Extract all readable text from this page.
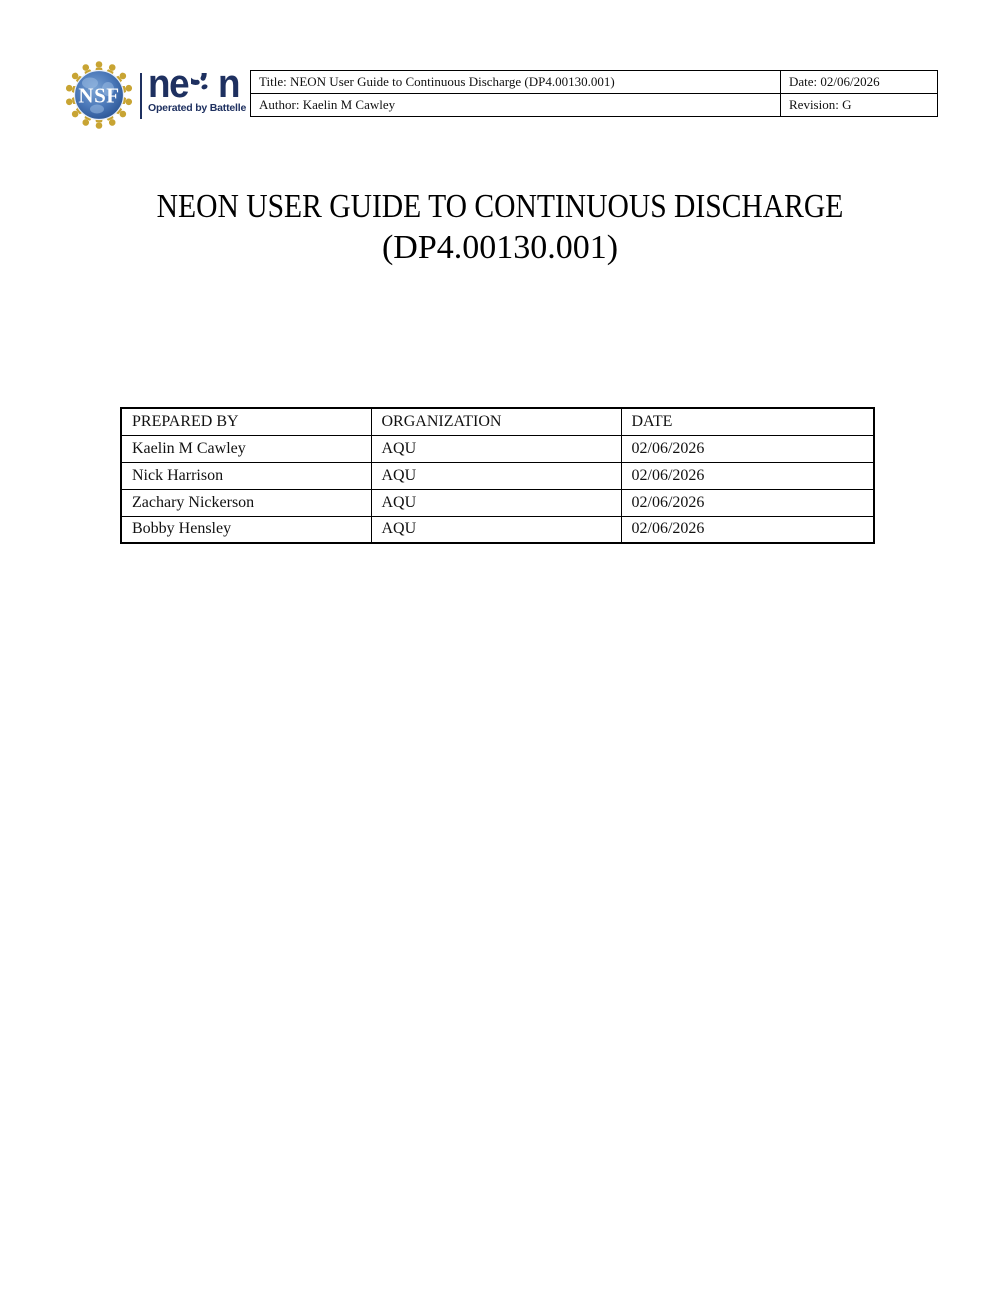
NSF ne n
Operated by Battelle
Title: NEON User Guide to Continuous Discharge (DP4.00130.001)	Date: 02/06/2026
Author: Kaelin M Cawley	Revision: G
NEON USER GUIDE TO CONTINUOUS DISCHARGE
(DP4.00130.001)
PREPARED BY	ORGANIZATION	DATE
Kaelin M Cawley	AQU	02/06/2026
Nick Harrison	AQU	02/06/2026
Zachary Nickerson	AQU	02/06/2026
Bobby Hensley	AQU	02/06/2026
